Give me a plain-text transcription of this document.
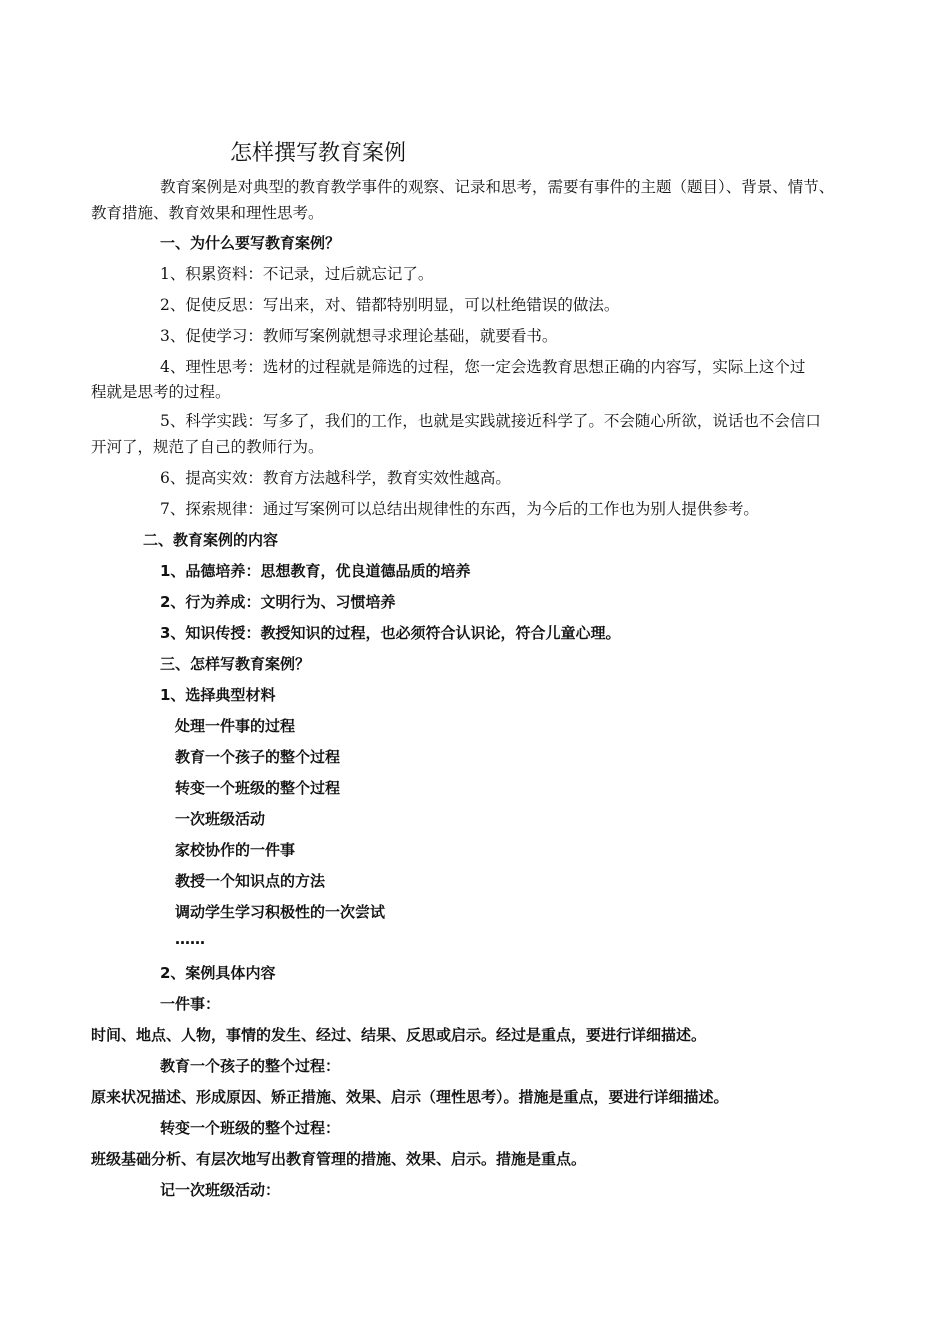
怎样撰写教育案例
教育案例是对典型的教育教学事件的观察、记录和思考，需要有事件的主题（题目）、背景、情节、
教育措施、教育效果和理性思考。
一、为什么要写教育案例？
1、积累资料：不记录，过后就忘记了。
2、促使反思：写出来，对、错都特别明显，可以杜绝错误的做法。
3、促使学习：教师写案例就想寻求理论基础，就要看书。
4、理性思考：选材的过程就是筛选的过程，您一定会选教育思想正确的内容写，实际上这个过
程就是思考的过程。
5、科学实践：写多了，我们的工作，也就是实践就接近科学了。不会随心所欲，说话也不会信口
开河了，规范了自己的教师行为。
6、提高实效：教育方法越科学，教育实效性越高。
7、探索规律：通过写案例可以总结出规律性的东西，为今后的工作也为别人提供参考。
二、教育案例的内容
1、品德培养：思想教育，优良道德品质的培养
2、行为养成：文明行为、习惯培养
3、知识传授：教授知识的过程，也必须符合认识论，符合儿童心理。
三、怎样写教育案例？
1、选择典型材料
处理一件事的过程
教育一个孩子的整个过程
转变一个班级的整个过程
一次班级活动
家校协作的一件事
教授一个知识点的方法
调动学生学习积极性的一次尝试
……
2、案例具体内容
一件事：
时间、地点、人物，事情的发生、经过、结果、反思或启示。经过是重点，要进行详细描述。
教育一个孩子的整个过程：
原来状况描述、形成原因、矫正措施、效果、启示（理性思考）。措施是重点，要进行详细描述。
转变一个班级的整个过程：
班级基础分析、有层次地写出教育管理的措施、效果、启示。措施是重点。
记一次班级活动：
